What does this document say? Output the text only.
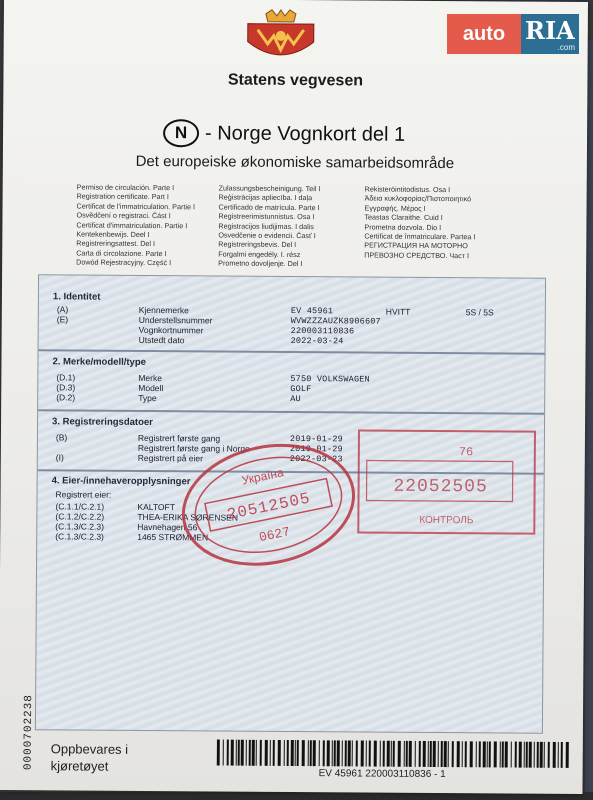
Statens vegvesen
N - Norge Vognkort del 1
Det europeiske økonomiske samarbeidsområde
Permiso de circulación. Parte I
Registration certificate. Part I
Certificat de l'immatriculation. Partie I
Osvědčení o registraci. Část I
Certificat d'immatriculation. Partie I
Kentekenbewijs. Deel I
Registreringsattest. Del I
Carta di circolazione. Parte I
Dowód Rejestracyjny. Część I
Zulassungsbescheinigung. Teil I
Reģistrācijas apliecība. I daļa
Certificado de matrícula. Parte I
Registreerimistunnistus. Osa I
Registracijos liudijimas. I dalis
Osvedčenie o evidencii. Časť I
Registreringsbevis. Del I
Forgalmi engedély. I. rész
Prometno dovoljenje. Del I
Rekisteröintitodistus. Osa I
Άδεια κυκλοφορίας/Πιστοποιητικό
Εγγραφής. Μέρος I
Teastas Claraithe. Cuid I
Prometna dozvola. Dio I
Certificat de înmatriculare. Partea I
РЕГИСТРАЦИЯ НА МОТОРНО
ПРЕВОЗНО СРЕДСТВО. Част I
1. Identitet
(A)	Kjennemerke	EV 45961	HVITT	5S / 5S
(E)	Understellsnummer	WVWZZZAUZK8906607
Vognkortnummer	220003110836
Utstedt dato	2022-03-24
2. Merke/modell/type
(D.1)	Merke	5750 VOLKSWAGEN
(D.3)	Modell	GOLF
(D.2)	Type	AU
3. Registreringsdatoer
(B)	Registrert første gang	2019-01-29
Registrert første gang i Norge	2019-01-29
(I)	Registrert på eier	2022-03-23
4. Eier-/innehaveropplysninger
Registrert eier:
(C.1.1/C.2.1)	KALTOFT
(C.1.2/C.2.2)	THEA-ERIKA SØRENSEN
(C.1.3/C.2.3)	Havnehagen 56
(C.1.3/C.2.3)	1465 STRØMMEN
Україна
20512505
0627
76
22052505
КОНТРОЛЬ
0000702238 Oppbevares i
kjøretøyet
EV 45961 220003110836 - 1
auto RIA
.com
